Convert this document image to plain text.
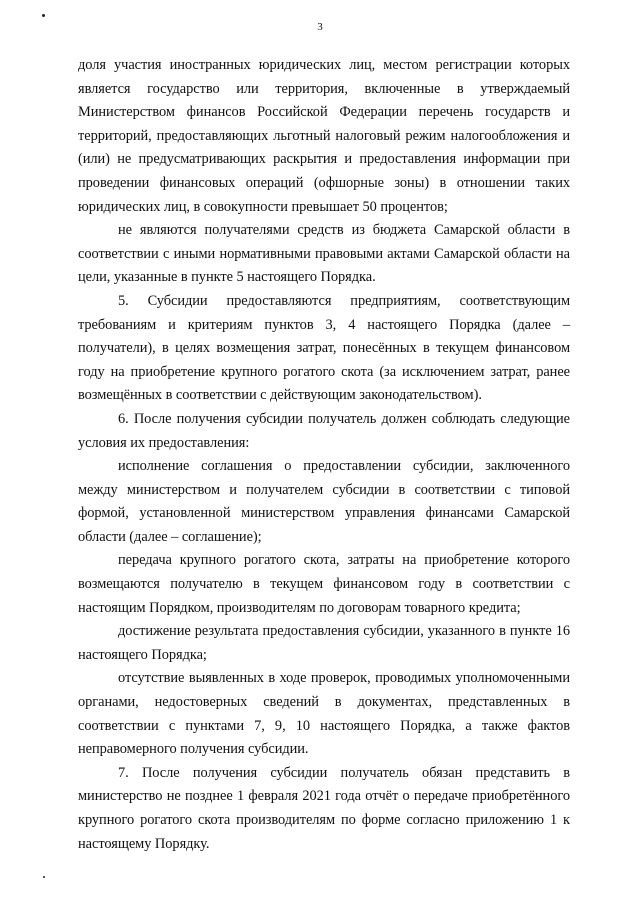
3

доля участия иностранных юридических лиц, местом регистрации которых является государство или территория, включенные в утверждаемый Министерством финансов Российской Федерации перечень государств и территорий, предоставляющих льготный налоговый режим налогообложения и (или) не предусматривающих раскрытия и предоставления информации при проведении финансовых операций (офшорные зоны) в отношении таких юридических лиц, в совокупности превышает 50 процентов;

не являются получателями средств из бюджета Самарской области в соответствии с иными нормативными правовыми актами Самарской области на цели, указанные в пункте 5 настоящего Порядка.

5. Субсидии предоставляются предприятиям, соответствующим требованиям и критериям пунктов 3, 4 настоящего Порядка (далее – получатели), в целях возмещения затрат, понесённых в текущем финансовом году на приобретение крупного рогатого скота (за исключением затрат, ранее возмещённых в соответствии с действующим законодательством).

6. После получения субсидии получатель должен соблюдать следующие условия их предоставления:

исполнение соглашения о предоставлении субсидии, заключенного между министерством и получателем субсидии в соответствии с типовой формой, установленной министерством управления финансами Самарской области (далее – соглашение);

передача крупного рогатого скота, затраты на приобретение которого возмещаются получателю в текущем финансовом году в соответствии с настоящим Порядком, производителям по договорам товарного кредита;

достижение результата предоставления субсидии, указанного в пункте 16 настоящего Порядка;

отсутствие выявленных в ходе проверок, проводимых уполномоченными органами, недостоверных сведений в документах, представленных в соответствии с пунктами 7, 9, 10 настоящего Порядка, а также фактов неправомерного получения субсидии.

7. После получения субсидии получатель обязан представить в министерство не позднее 1 февраля 2021 года отчёт о передаче приобретённого крупного рогатого скота производителям по форме согласно приложению 1 к настоящему Порядку.
